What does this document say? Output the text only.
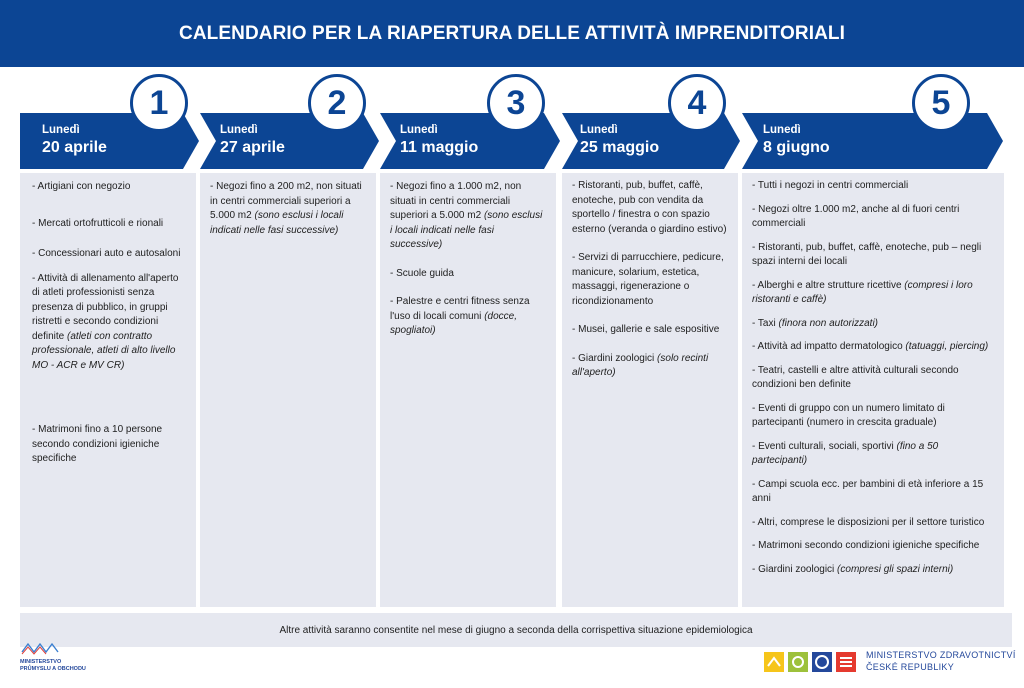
CALENDARIO PER LA RIAPERTURA DELLE ATTIVITÀ IMPRENDITORIALI
1	2	3	4	5
Lunedì
20 aprile
Lunedì
27 aprile
Lunedì
11 maggio
Lunedì
25 maggio
Lunedì
8 giugno
- Artigiani con negozio
- Mercati ortofrutticoli e rionali
- Concessionari auto e autosaloni
- Attività di allenamento all'aperto di atleti professionisti senza presenza di pubblico, in gruppi ristretti e secondo condizioni definite (atleti con contratto professionale, atleti di alto livello MO - ACR e MV CR)
- Matrimoni fino a 10 persone secondo condizioni igieniche specifiche
- Negozi fino a 200 m2, non situati in centri commerciali superiori a 5.000 m2 (sono esclusi i locali indicati nelle fasi successive)
- Negozi fino a 1.000 m2, non situati in centri commerciali superiori a 5.000 m2 (sono esclusi i locali indicati nelle fasi successive)
- Scuole guida
- Palestre e centri fitness senza l'uso di locali comuni (docce, spogliatoi)
- Ristoranti, pub, buffet, caffè, enoteche, pub con vendita da sportello / finestra o con spazio esterno (veranda o giardino estivo)
- Servizi di parrucchiere, pedicure, manicure, solarium, estetica, massaggi, rigenerazione o ricondizionamento
- Musei, gallerie e sale espositive
- Giardini zoologici (solo recinti all'aperto)
- Tutti i negozi in centri commerciali
- Negozi oltre 1.000 m2, anche al di fuori centri commerciali
- Ristoranti, pub, buffet, caffè, enoteche, pub – negli spazi interni dei locali
- Alberghi e altre strutture ricettive (compresi i loro ristoranti e caffè)
- Taxi (finora non autorizzati)
- Attività ad impatto dermatologico (tatuaggi, piercing)
- Teatri, castelli e altre attività culturali secondo condizioni ben definite
- Eventi di gruppo con un numero limitato di partecipanti (numero in crescita graduale)
- Eventi culturali, sociali, sportivi (fino a 50 partecipanti)
- Campi scuola ecc. per bambini di età inferiore a 15 anni
- Altri, comprese le disposizioni per il settore turistico
- Matrimoni secondo condizioni igieniche specifiche
- Giardini zoologici (compresi gli spazi interni)
Altre attività saranno consentite nel mese di giugno a seconda della corrispettiva situazione epidemiologica
MINISTERSTVO
PRŮMYSLU A OBCHODU
MINISTERSTVO ZDRAVOTNICTVÍ
ČESKÉ REPUBLIKY
